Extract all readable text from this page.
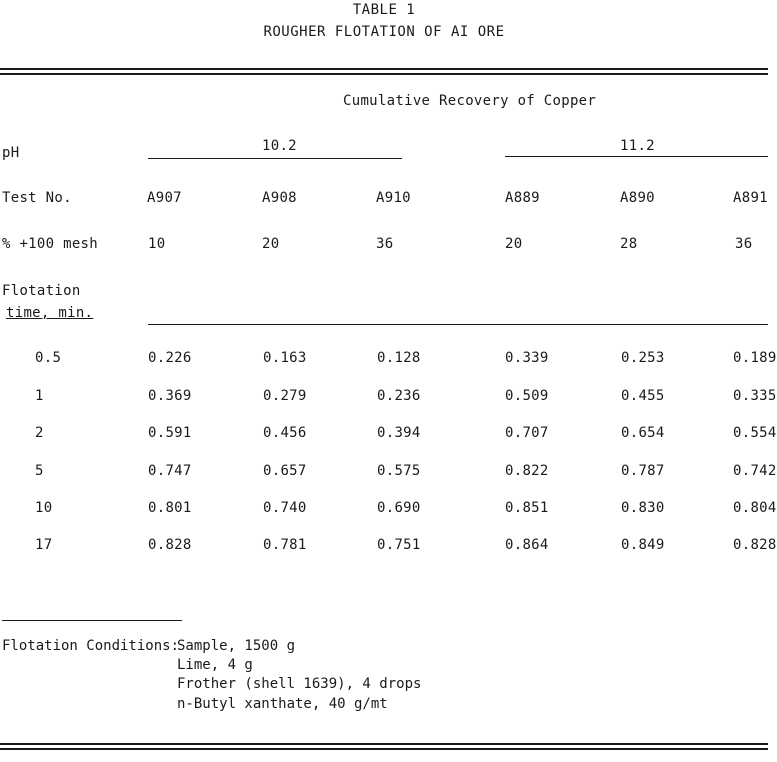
TABLE 1
ROUGHER FLOTATION OF AI ORE
Cumulative Recovery of Copper
pH	10.2	11.2
Test No.	A907	A908	A910	A889	A890	A891
% +100 mesh	10	20	36	20	28	36
Flotation
time, min.
0.5	0.226	0.163	0.128	0.339	0.253	0.189
1	0.369	0.279	0.236	0.509	0.455	0.335
2	0.591	0.456	0.394	0.707	0.654	0.554
5	0.747	0.657	0.575	0.822	0.787	0.742
10	0.801	0.740	0.690	0.851	0.830	0.804
17	0.828	0.781	0.751	0.864	0.849	0.828
Flotation Conditions:
Sample, 1500 g
Lime, 4 g
Frother (shell 1639), 4 drops
n-Butyl xanthate, 40 g/mt
